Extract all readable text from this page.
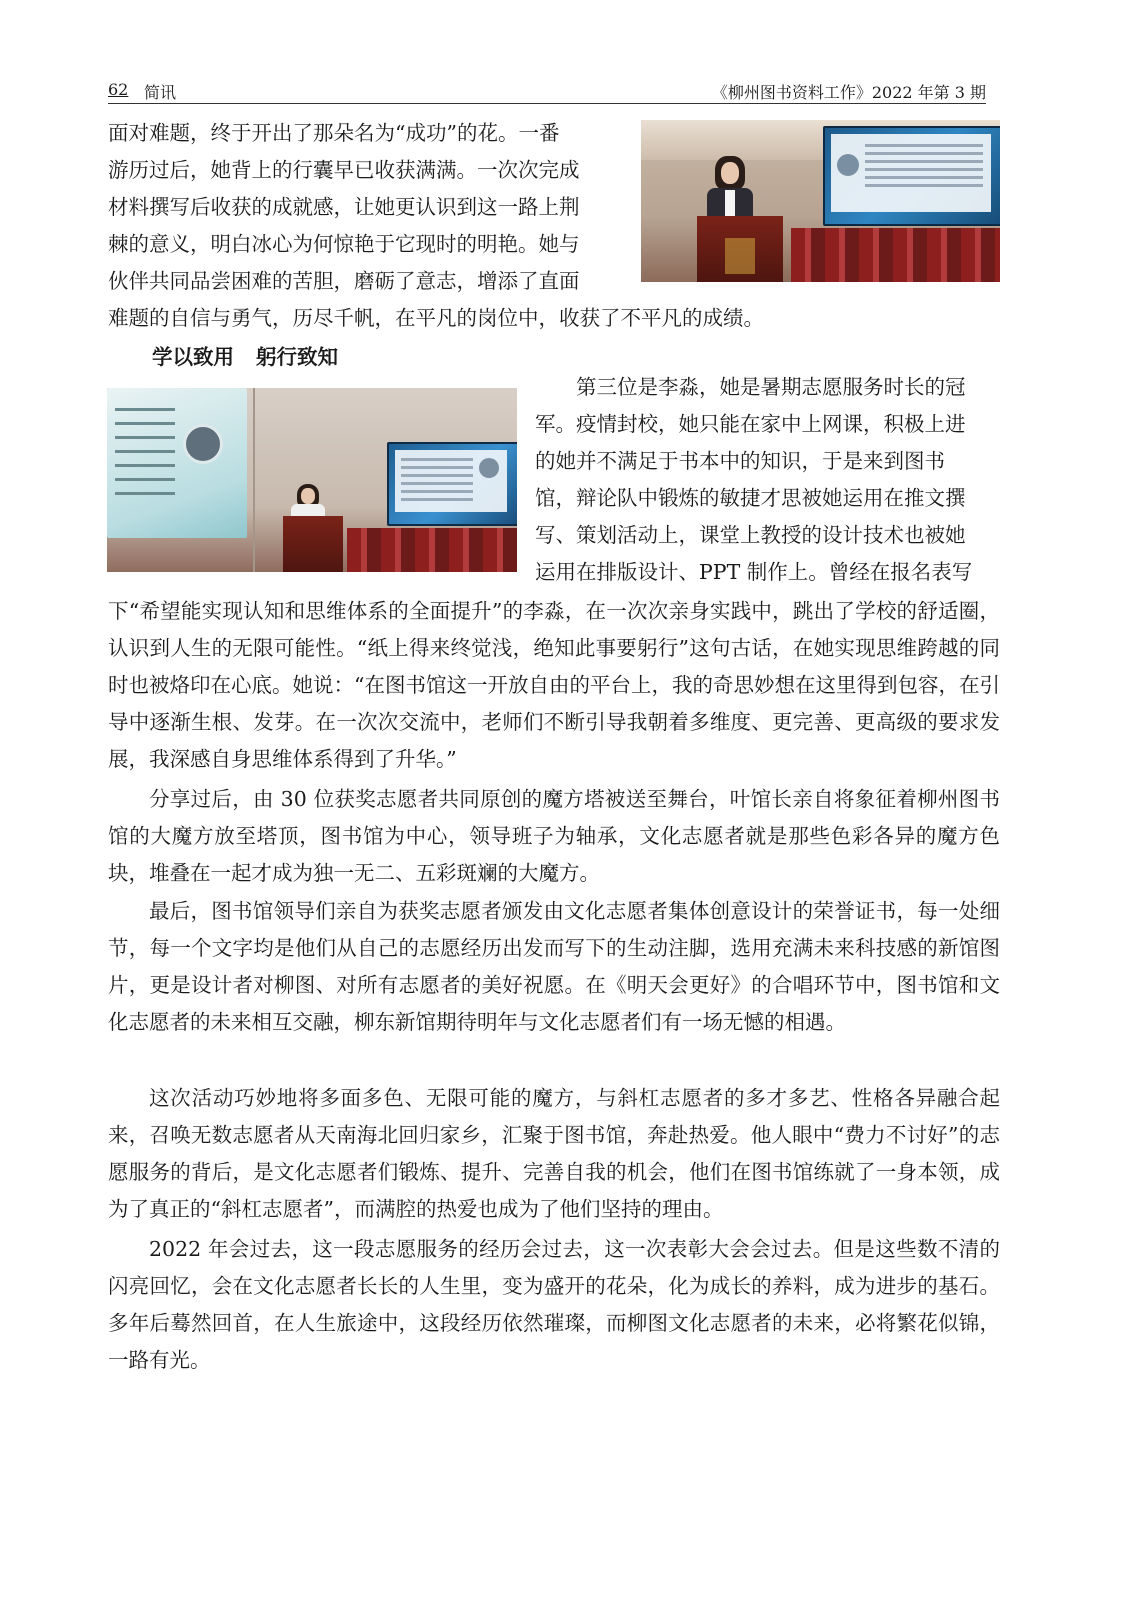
62 简讯	《柳州图书资料工作》2022 年第 3 期
面对难题，终于开出了那朵名为“成功”的花。一番
游历过后，她背上的行囊早已收获满满。一次次完成
材料撰写后收获的成就感，让她更认识到这一路上荆
棘的意义，明白冰心为何惊艳于它现时的明艳。她与
伙伴共同品尝困难的苦胆，磨砺了意志，增添了直面
难题的自信与勇气，历尽千帆，在平凡的岗位中，收获了不平凡的成绩。
学以致用 躬行致知
第三位是李淼，她是暑期志愿服务时长的冠
军。疫情封校，她只能在家中上网课，积极上进
的她并不满足于书本中的知识，于是来到图书
馆，辩论队中锻炼的敏捷才思被她运用在推文撰
写、策划活动上，课堂上教授的设计技术也被她
运用在排版设计、PPT 制作上。曾经在报名表写

下“希望能实现认知和思维体系的全面提升”的李淼，在一次次亲身实践中，跳出了学校的舒适圈，认识到人生的无限可能性。“纸上得来终觉浅，绝知此事要躬行”这句古话，在她实现思维跨越的同时也被烙印在心底。她说：“在图书馆这一开放自由的平台上，我的奇思妙想在这里得到包容，在引导中逐渐生根、发芽。在一次次交流中，老师们不断引导我朝着多维度、更完善、更高级的要求发展，我深感自身思维体系得到了升华。”

分享过后，由 30 位获奖志愿者共同原创的魔方塔被送至舞台，叶馆长亲自将象征着柳州图书馆的大魔方放至塔顶，图书馆为中心，领导班子为轴承，文化志愿者就是那些色彩各异的魔方色块，堆叠在一起才成为独一无二、五彩斑斓的大魔方。

最后，图书馆领导们亲自为获奖志愿者颁发由文化志愿者集体创意设计的荣誉证书，每一处细节，每一个文字均是他们从自己的志愿经历出发而写下的生动注脚，选用充满未来科技感的新馆图片，更是设计者对柳图、对所有志愿者的美好祝愿。在《明天会更好》的合唱环节中，图书馆和文化志愿者的未来相互交融，柳东新馆期待明年与文化志愿者们有一场无憾的相遇。

这次活动巧妙地将多面多色、无限可能的魔方，与斜杠志愿者的多才多艺、性格各异融合起来，召唤无数志愿者从天南海北回归家乡，汇聚于图书馆，奔赴热爱。他人眼中“费力不讨好”的志愿服务的背后，是文化志愿者们锻炼、提升、完善自我的机会，他们在图书馆练就了一身本领，成为了真正的“斜杠志愿者”，而满腔的热爱也成为了他们坚持的理由。

2022 年会过去，这一段志愿服务的经历会过去，这一次表彰大会会过去。但是这些数不清的闪亮回忆，会在文化志愿者长长的人生里，变为盛开的花朵，化为成长的养料，成为进步的基石。多年后蓦然回首，在人生旅途中，这段经历依然璀璨，而柳图文化志愿者的未来，必将繁花似锦，一路有光。
